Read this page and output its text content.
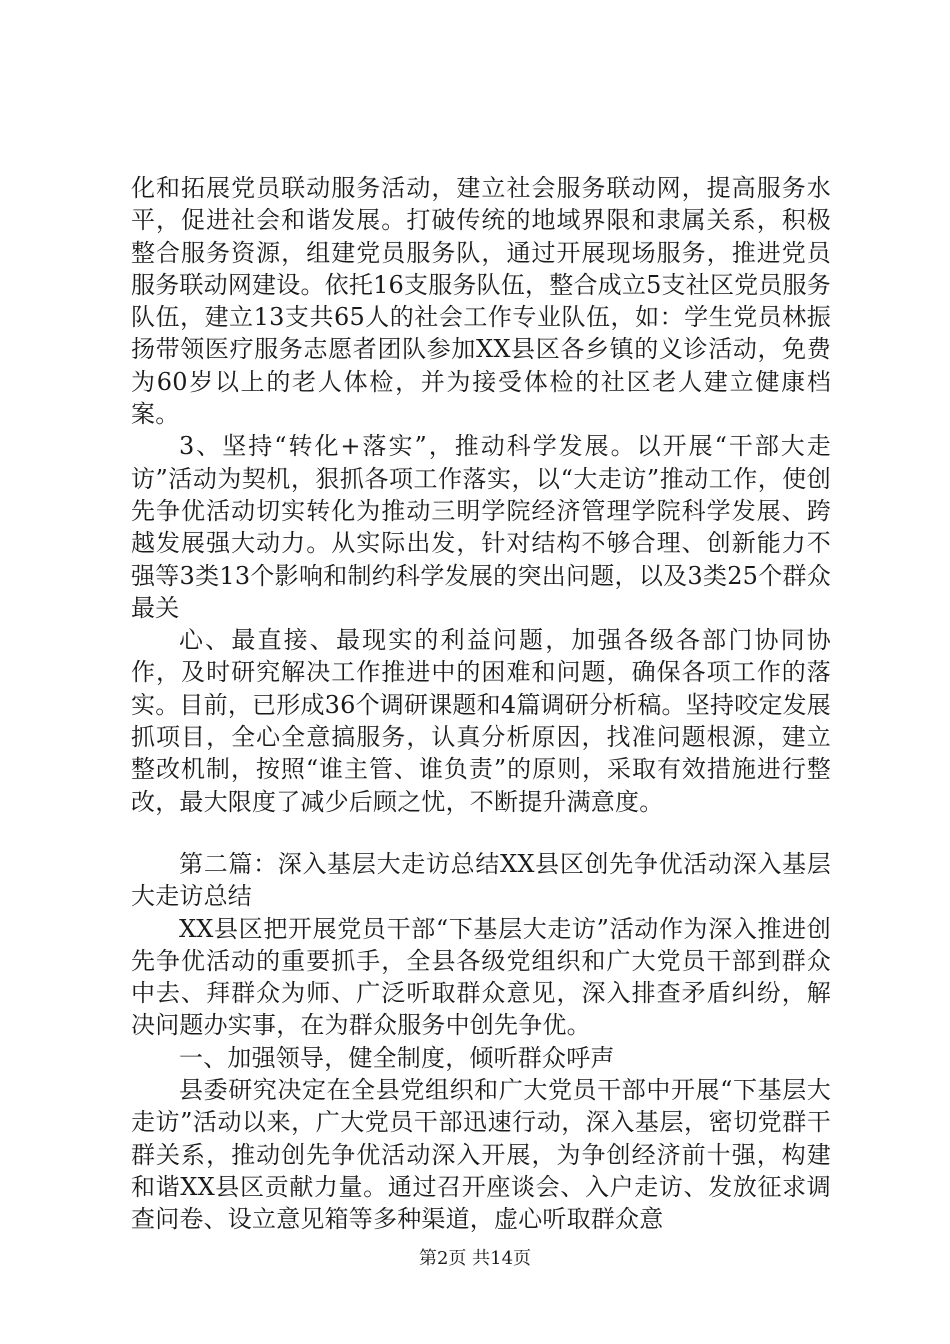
化和拓展党员联动服务活动，建立社会服务联动网，提高服务水平，促进社会和谐发展。打破传统的地域界限和隶属关系，积极整合服务资源，组建党员服务队，通过开展现场服务，推进党员服务联动网建设。依托16支服务队伍，整合成立5支社区党员服务队伍，建立13支共65人的社会工作专业队伍，如：学生党员林振扬带领医疗服务志愿者团队参加XX县区各乡镇的义诊活动，免费为60岁以上的老人体检，并为接受体检的社区老人建立健康档案。

3、坚持“转化+落实”，推动科学发展。以开展“干部大走访”活动为契机，狠抓各项工作落实，以“大走访”推动工作，使创先争优活动切实转化为推动三明学院经济管理学院科学发展、跨越发展强大动力。从实际出发，针对结构不够合理、创新能力不强等3类13个影响和制约科学发展的突出问题，以及3类25个群众最关

心、最直接、最现实的利益问题，加强各级各部门协同协作，及时研究解决工作推进中的困难和问题，确保各项工作的落实。目前，已形成36个调研课题和4篇调研分析稿。坚持咬定发展抓项目，全心全意搞服务，认真分析原因，找准问题根源，建立整改机制，按照“谁主管、谁负责”的原则，采取有效措施进行整改，最大限度了减少后顾之忧，不断提升满意度。

第二篇：深入基层大走访总结XX县区创先争优活动深入基层大走访总结

XX县区把开展党员干部“下基层大走访”活动作为深入推进创先争优活动的重要抓手，全县各级党组织和广大党员干部到群众中去、拜群众为师、广泛听取群众意见，深入排查矛盾纠纷，解决问题办实事，在为群众服务中创先争优。

一、加强领导，健全制度，倾听群众呼声

县委研究决定在全县党组织和广大党员干部中开展“下基层大走访”活动以来，广大党员干部迅速行动，深入基层，密切党群干群关系，推动创先争优活动深入开展，为争创经济前十强，构建和谐XX县区贡献力量。通过召开座谈会、入户走访、发放征求调查问卷、设立意见箱等多种渠道，虚心听取群众意

第2页 共14页
